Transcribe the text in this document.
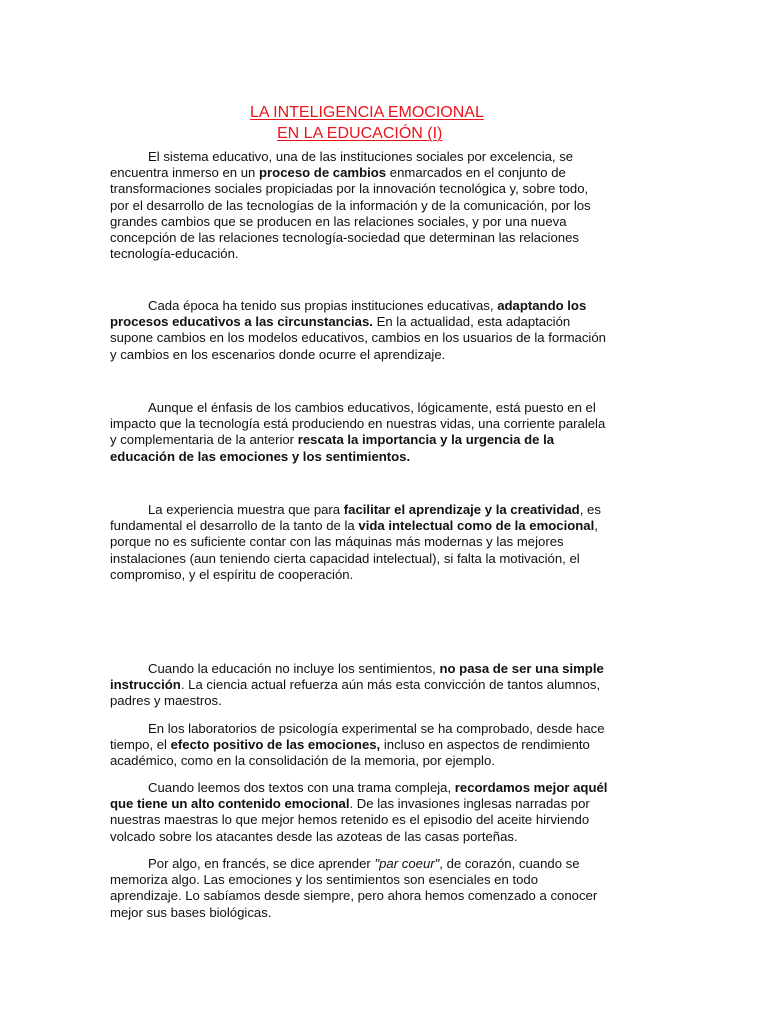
LA INTELIGENCIA EMOCIONAL
EN LA EDUCACIÓN (I)

El sistema educativo, una de las instituciones sociales por excelencia, se
encuentra inmerso en un proceso de cambios enmarcados en el conjunto de
transformaciones sociales propiciadas por la innovación tecnológica y, sobre todo,
por el desarrollo de las tecnologías de la información y de la comunicación, por los
grandes cambios que se producen en las relaciones sociales, y por una nueva
concepción de las relaciones tecnología-sociedad que determinan las relaciones
tecnología-educación.

Cada época ha tenido sus propias instituciones educativas, adaptando los
procesos educativos a las circunstancias. En la actualidad, esta adaptación
supone cambios en los modelos educativos, cambios en los usuarios de la formación
y cambios en los escenarios donde ocurre el aprendizaje.

Aunque el énfasis de los cambios educativos, lógicamente, está puesto en el
impacto que la tecnología está produciendo en nuestras vidas, una corriente paralela
y complementaria de la anterior rescata la importancia y la urgencia de la
educación de las emociones y los sentimientos.

La experiencia muestra que para facilitar el aprendizaje y la creatividad, es
fundamental el desarrollo de la tanto de la vida intelectual como de la emocional,
porque no es suficiente contar con las máquinas más modernas y las mejores
instalaciones (aun teniendo cierta capacidad intelectual), si falta la motivación, el
compromiso, y el espíritu de cooperación.

Cuando la educación no incluye los sentimientos, no pasa de ser una simple
instrucción. La ciencia actual refuerza aún más esta convicción de tantos alumnos,
padres y maestros.

En los laboratorios de psicología experimental se ha comprobado, desde hace
tiempo, el efecto positivo de las emociones, incluso en aspectos de rendimiento
académico, como en la consolidación de la memoria, por ejemplo.

Cuando leemos dos textos con una trama compleja, recordamos mejor aquél
que tiene un alto contenido emocional. De las invasiones inglesas narradas por
nuestras maestras lo que mejor hemos retenido es el episodio del aceite hirviendo
volcado sobre los atacantes desde las azoteas de las casas porteñas.

Por algo, en francés, se dice aprender "par coeur", de corazón, cuando se
memoriza algo. Las emociones y los sentimientos son esenciales en todo
aprendizaje. Lo sabíamos desde siempre, pero ahora hemos comenzado a conocer
mejor sus bases biológicas.
